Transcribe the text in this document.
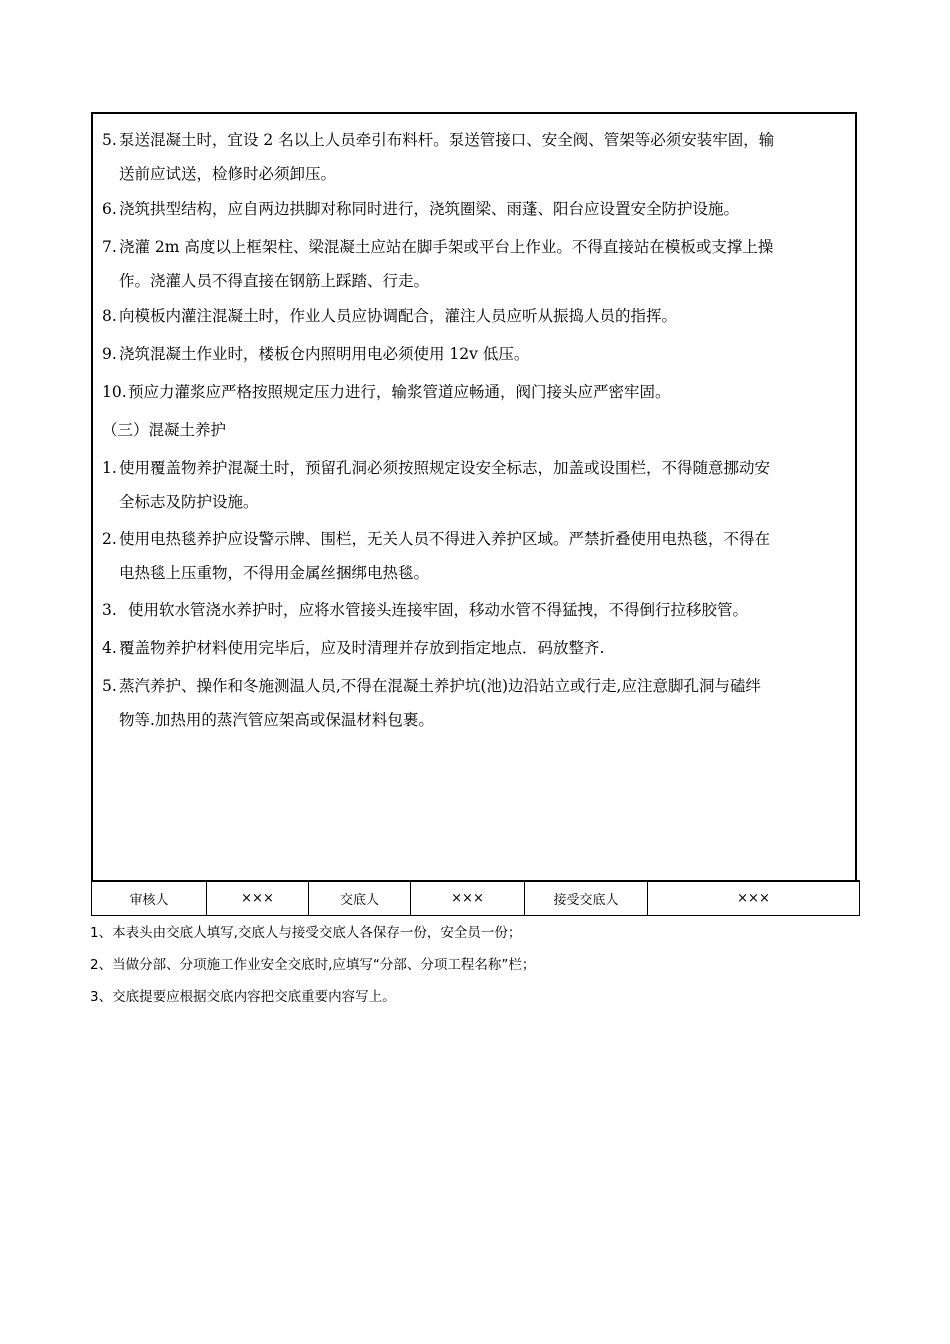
5. 泵送混凝土时，宜设 2 名以上人员牵引布料杆。泵送管接口、安全阀、管架等必须安装牢固，输
送前应试送，检修时必须卸压。
6. 浇筑拱型结构，应自两边拱脚对称同时进行，浇筑圈梁、雨蓬、阳台应设置安全防护设施。
7. 浇灌 2m 高度以上框架柱、梁混凝土应站在脚手架或平台上作业。不得直接站在模板或支撑上操
作。浇灌人员不得直接在钢筋上踩踏、行走。
8. 向模板内灌注混凝土时，作业人员应协调配合，灌注人员应听从振捣人员的指挥。
9. 浇筑混凝土作业时，楼板仓内照明用电必须使用 12v 低压。
10. 预应力灌浆应严格按照规定压力进行，输浆管道应畅通，阀门接头应严密牢固。
（三）混凝土养护
1. 使用覆盖物养护混凝土时，预留孔洞必须按照规定设安全标志，加盖或设围栏，不得随意挪动安
全标志及防护设施。
2. 使用电热毯养护应设警示牌、围栏，无关人员不得进入养护区域。严禁折叠使用电热毯，不得在
电热毯上压重物，不得用金属丝捆绑电热毯。
3. 使用软水管浇水养护时，应将水管接头连接牢固，移动水管不得猛拽，不得倒行拉移胶管。
4. 覆盖物养护材料使用完毕后，应及时清理并存放到指定地点．码放整齐.
5. 蒸汽养护、操作和冬施测温人员,不得在混凝土养护坑(池)边沿站立或行走,应注意脚孔洞与磕绊
物等.加热用的蒸汽管应架高或保温材料包裹。
审核人	×××	交底人	×××	接受交底人	×××
1、本表头由交底人填写,交底人与接受交底人各保存一份，安全员一份；
2、当做分部、分项施工作业安全交底时,应填写“分部、分项工程名称”栏；
3、交底提要应根据交底内容把交底重要内容写上。
